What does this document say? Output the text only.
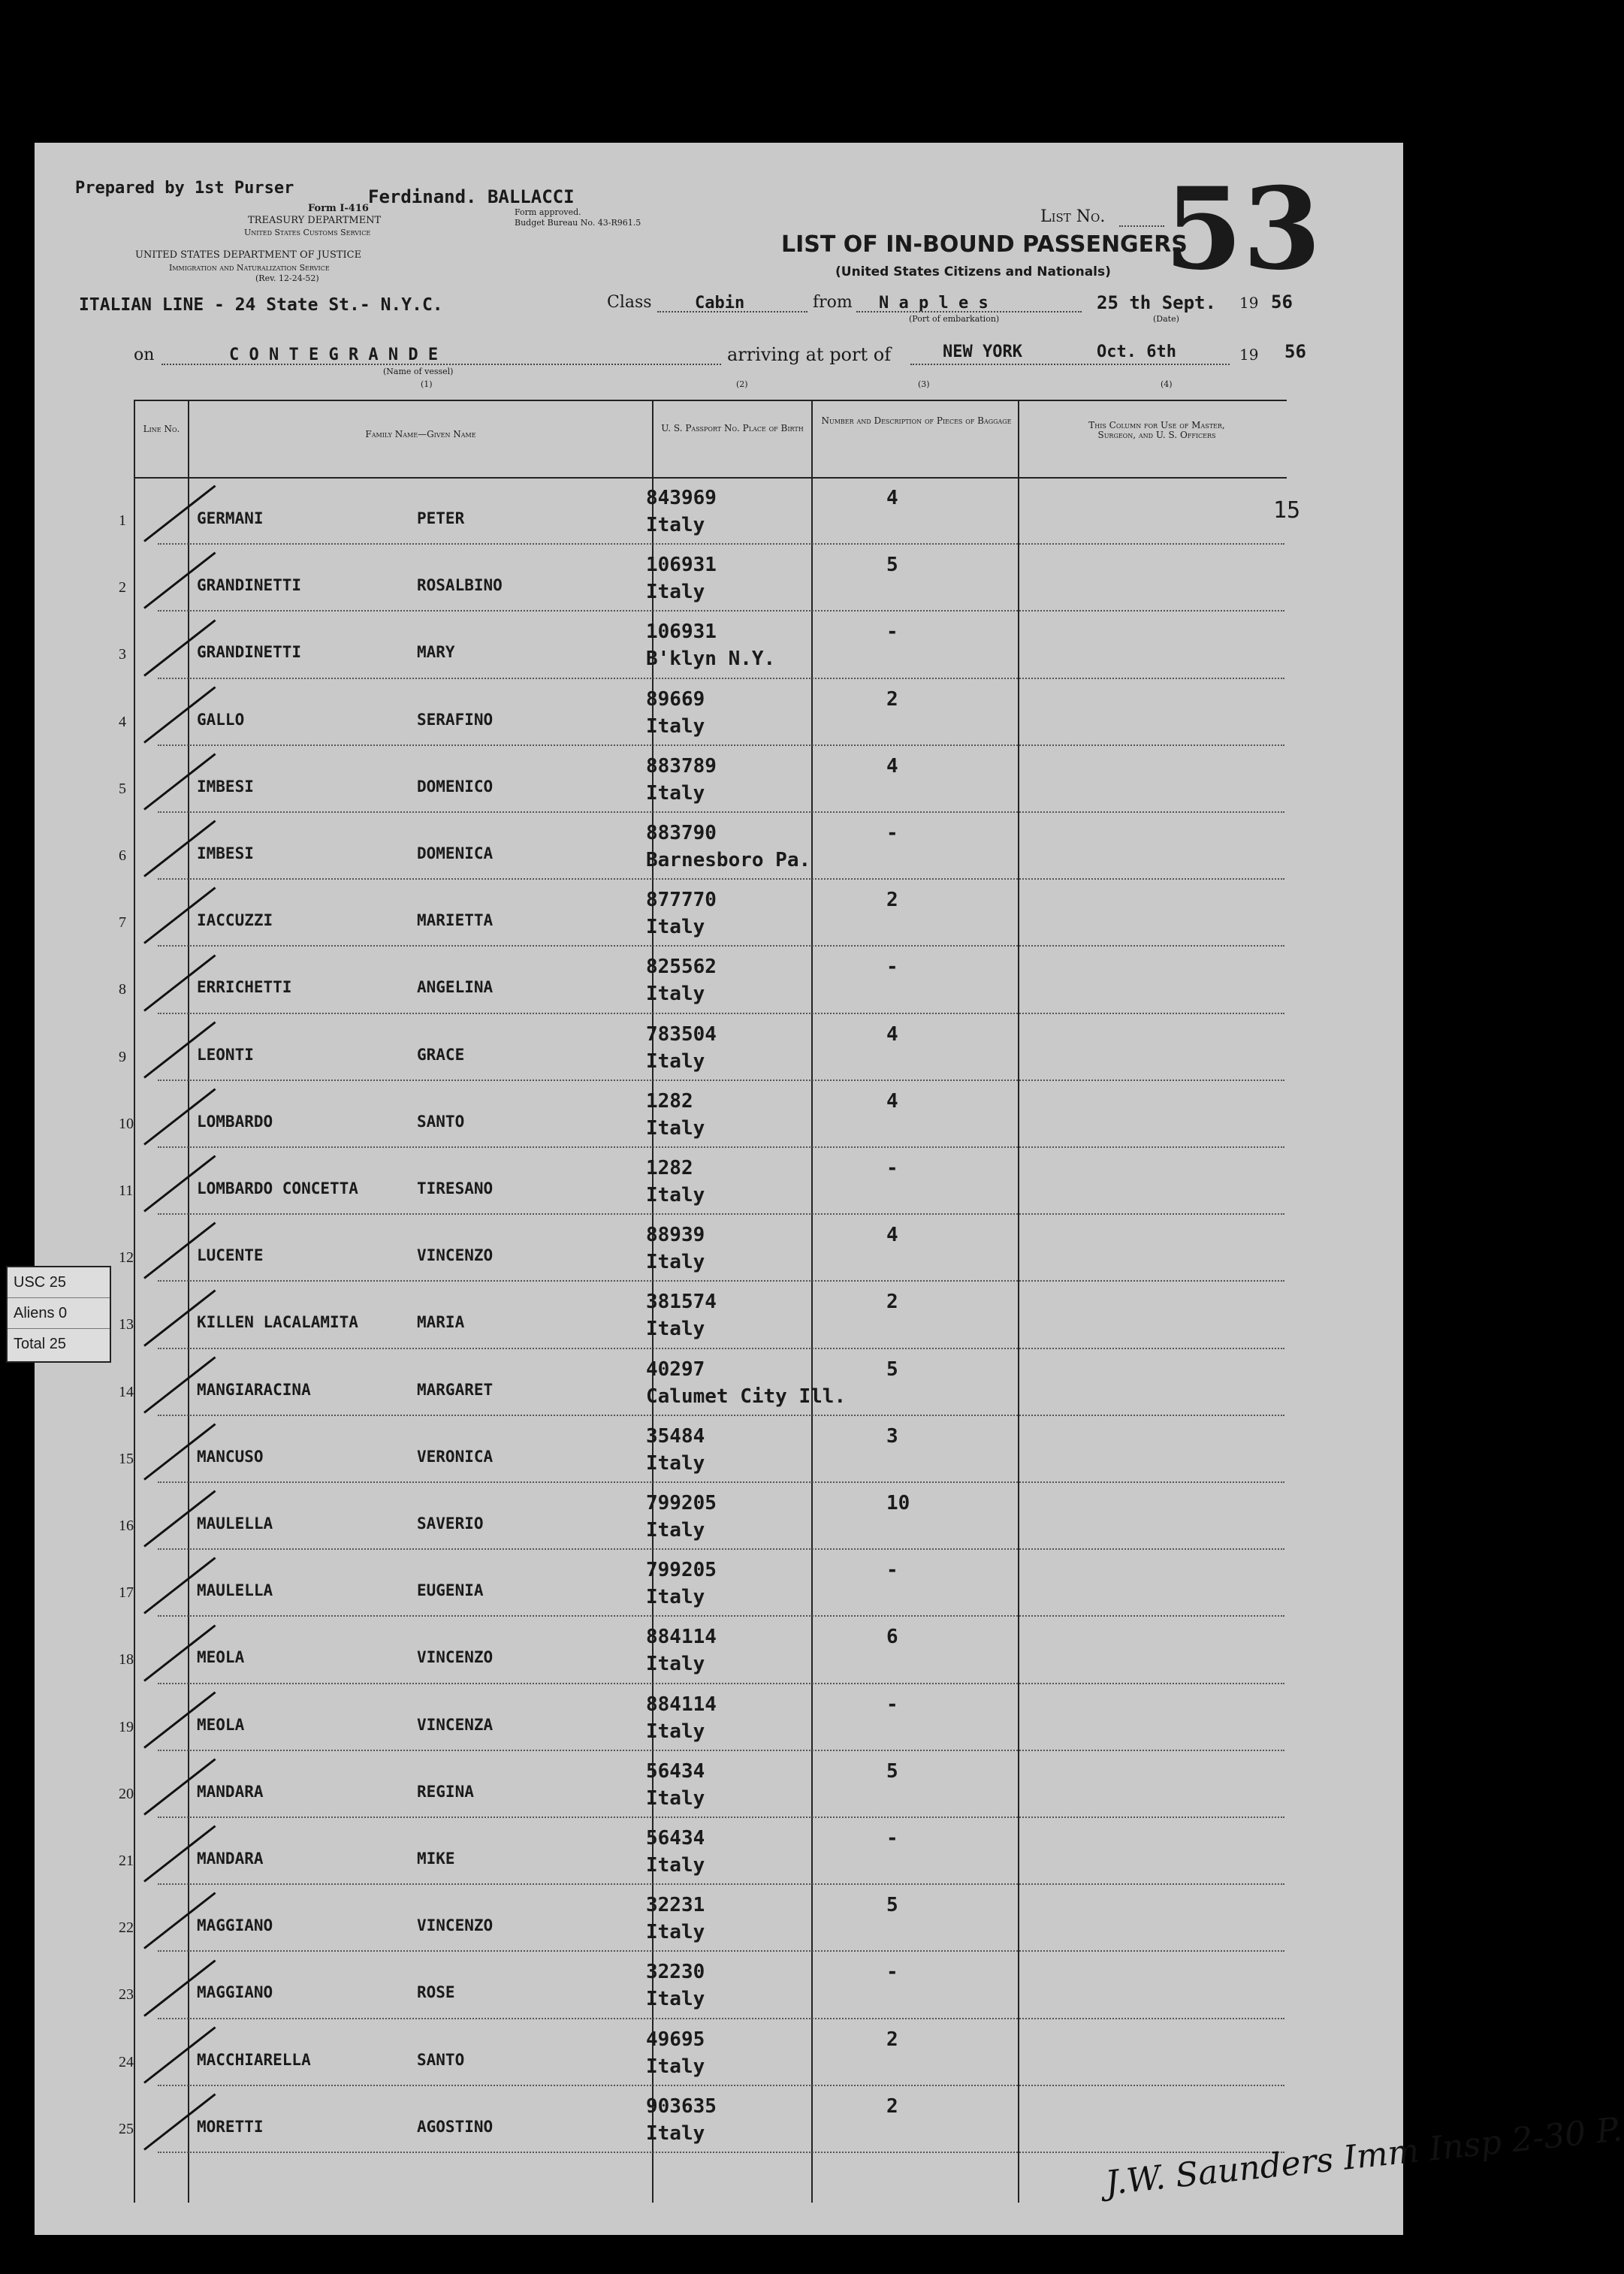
Prepared by 1st Purser	Ferdinand. BALLACCI
Form I-416	Form approved.
Budget Bureau No. 43-R961.5
TREASURY DEPARTMENT
United States Customs Service
UNITED STATES DEPARTMENT OF JUSTICE
Immigration and Naturalization Service
(Rev. 12-24-52)
List No. 53
LIST OF IN-BOUND PASSENGERS
(United States Citizens and Nationals)
ITALIAN LINE - 24 State St.- N.Y.C.	Class	Cabin	from N a p l e s
(Port of embarkation)
25 th Sept. 19 56
(Date)
on	C O N T E G R A N D E
(Name of vessel)
arriving at port of	NEW YORK	Oct. 6th	19 56
(1)	(2)	(3)	(4)
Line No.	Family Name—Given Name
U. S. Passport No. Place of Birth
Number and Description of Pieces of Baggage	This Column for Use of Master, Surgeon, and U. S. Officers
15
1	GERMANI	PETER
843969
Italy
4
2	GRANDINETTI	ROSALBINO
106931
Italy
5
3	GRANDINETTI	MARY
106931
B'klyn N.Y.
-
4	GALLO	SERAFINO
89669
Italy
2
5	IMBESI	DOMENICO
883789
Italy
4
6	IMBESI	DOMENICA
883790
Barnesboro Pa.
-
7	IACCUZZI	MARIETTA
877770
Italy
2
8	ERRICHETTI	ANGELINA
825562
Italy
-
9	LEONTI	GRACE
783504
Italy
4
10	LOMBARDO	SANTO
1282
Italy
4
11	LOMBARDO CONCETTA	TIRESANO
1282
Italy
-
12	LUCENTE	VINCENZO
88939
Italy
4
13	KILLEN LACALAMITA	MARIA
381574
Italy
2
14	MANGIARACINA	MARGARET
40297
Calumet City Ill.
5
15	MANCUSO	VERONICA
35484
Italy
3
16	MAULELLA	SAVERIO
799205
Italy
10
17	MAULELLA	EUGENIA
799205
Italy
-
18	MEOLA	VINCENZO
884114
Italy
6
19	MEOLA	VINCENZA
884114
Italy
-
20	MANDARA	REGINA
56434
Italy
5
21	MANDARA	MIKE
56434
Italy
-
22	MAGGIANO	VINCENZO
32231
Italy
5
23	MAGGIANO	ROSE
32230
Italy
-
24	MACCHIARELLA	SANTO
49695
Italy
2
25	MORETTI	AGOSTINO
903635
Italy
2
USC 25
Aliens 0
Total 25
J.W. Saunders Imm Insp 2-30 P.
